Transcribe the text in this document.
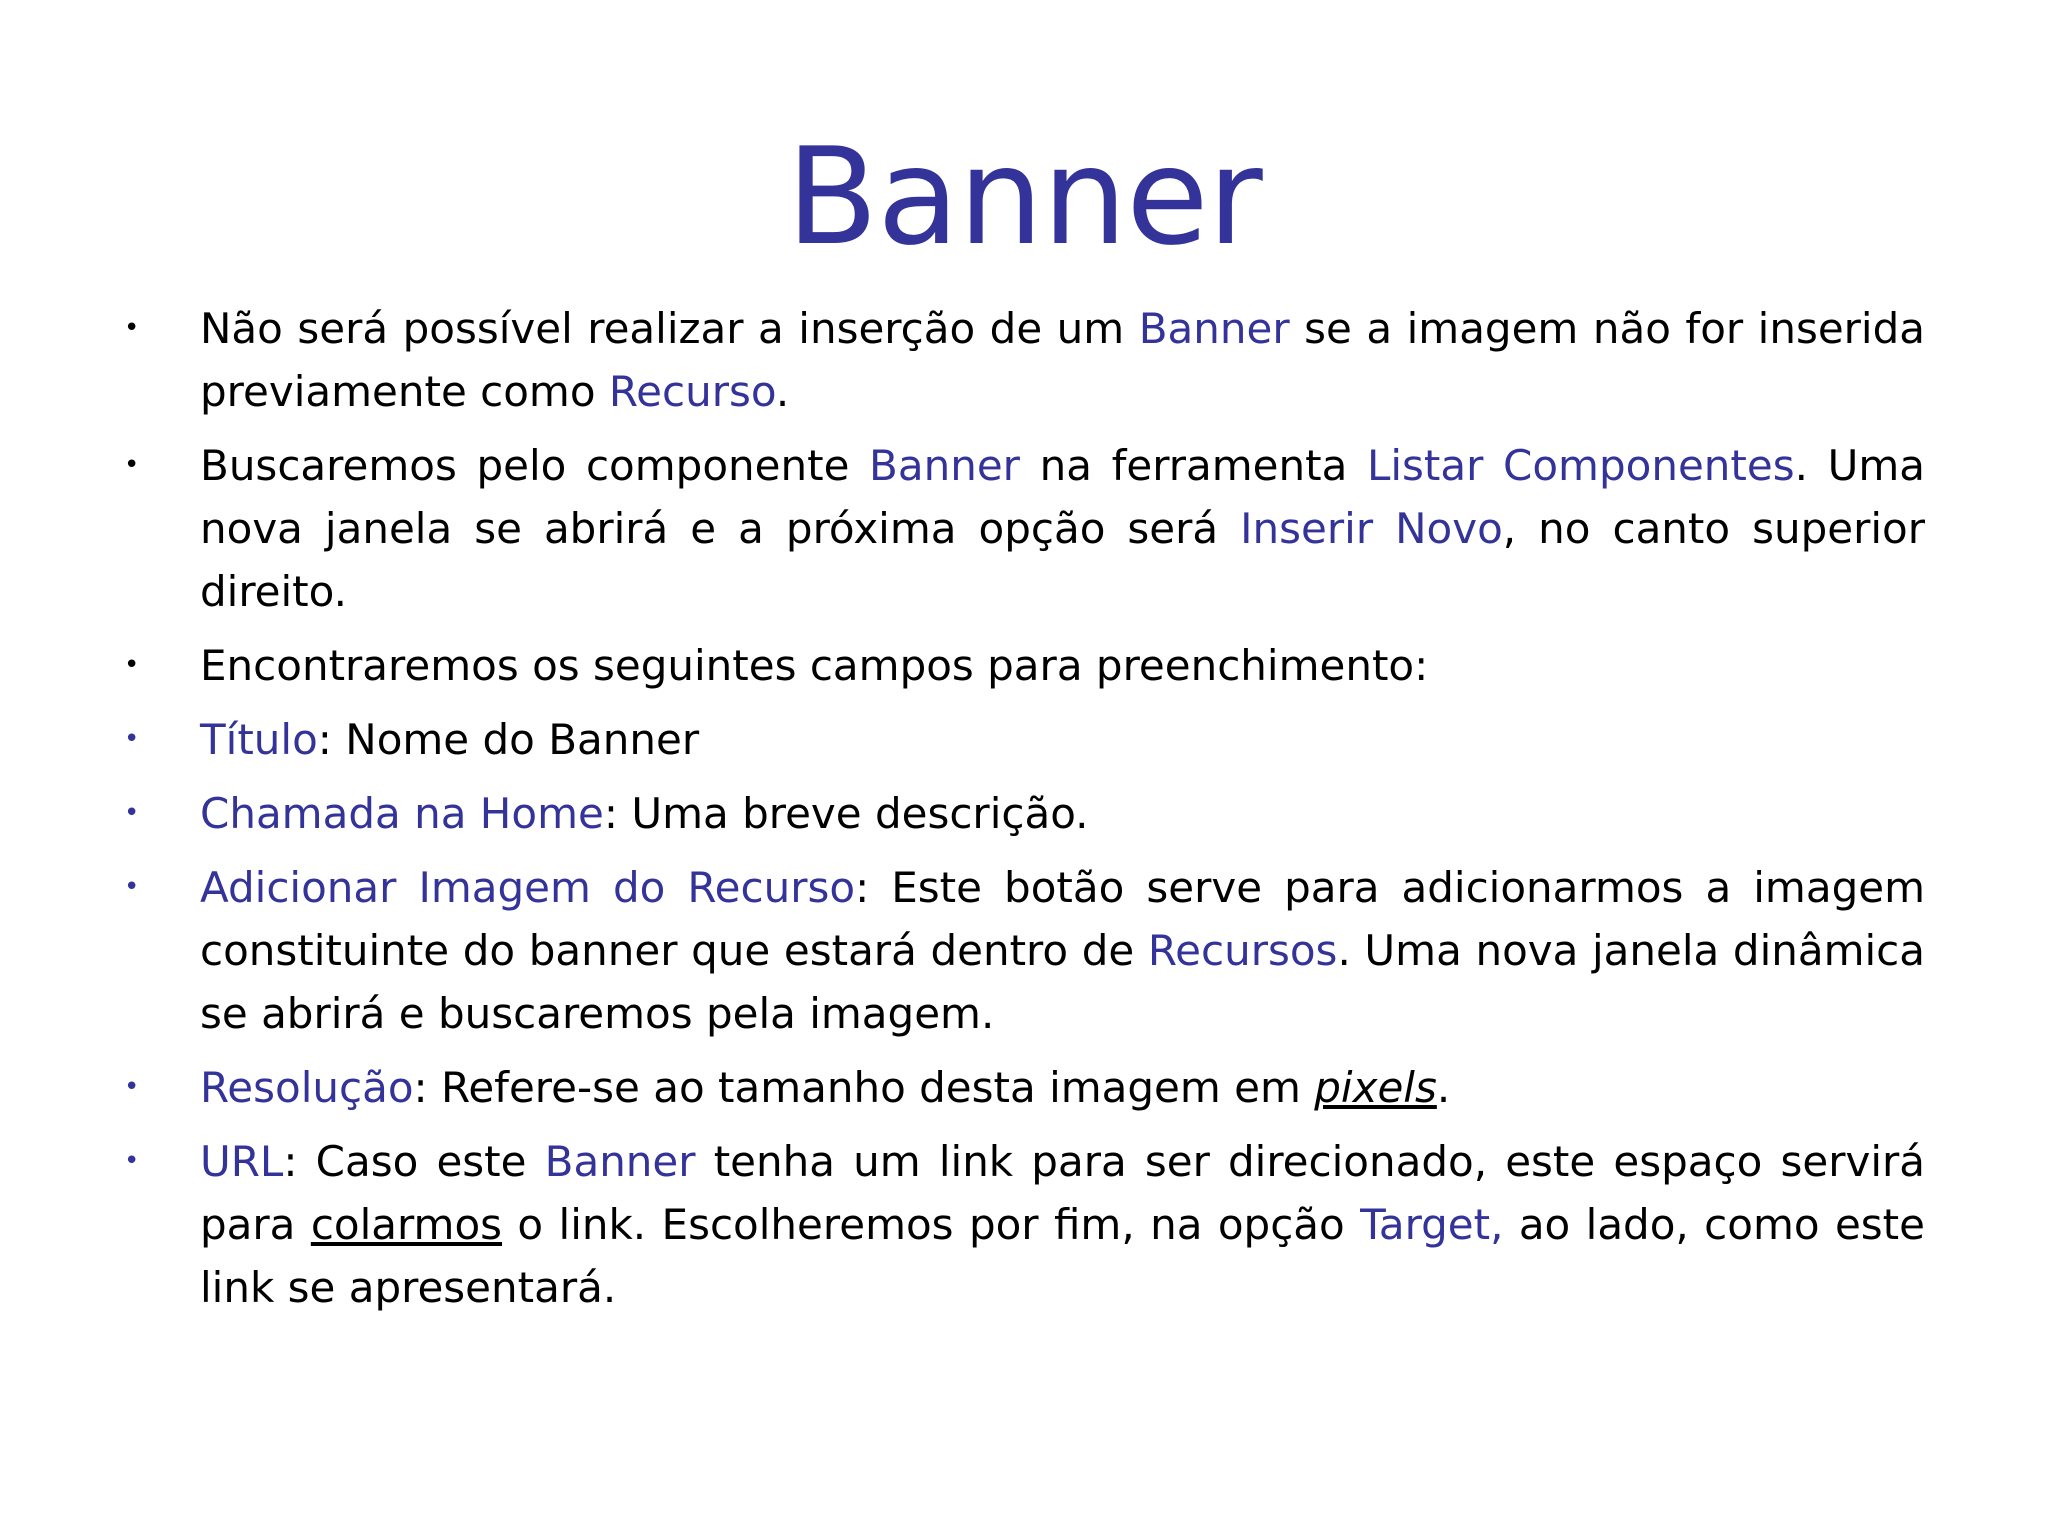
Banner
• Não será possível realizar a inserção de um Banner se a imagem não for inserida previamente como Recurso.
• Buscaremos pelo componente Banner na ferramenta Listar Componentes. Uma nova janela se abrirá e a próxima opção será Inserir Novo, no canto superior direito.
• Encontraremos os seguintes campos para preenchimento:
• Título: Nome do Banner
• Chamada na Home: Uma breve descrição.
• Adicionar Imagem do Recurso: Este botão serve para adicionarmos a imagem constituinte do banner que estará dentro de Recursos. Uma nova janela dinâmica se abrirá e buscaremos pela imagem.
• Resolução: Refere-se ao tamanho desta imagem em pixels.
• URL: Caso este Banner tenha um link para ser direcionado, este espaço servirá para colarmos o link. Escolheremos por fim, na opção Target, ao lado, como este link se apresentará.
